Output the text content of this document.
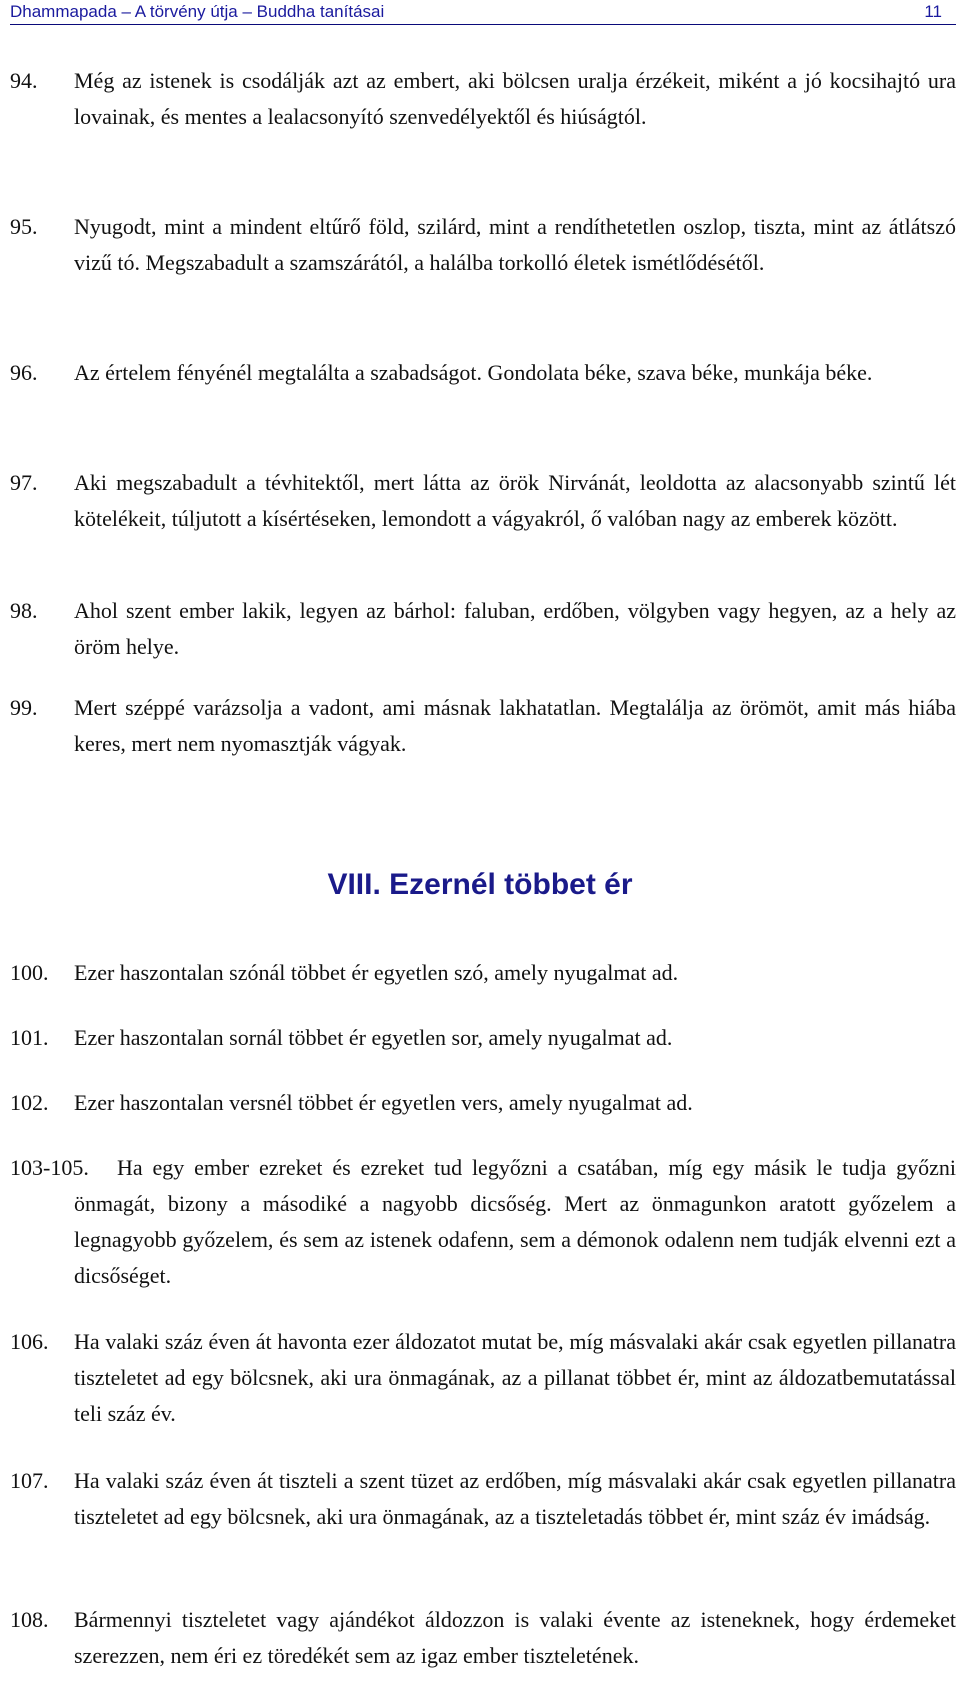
Dhammapada – A törvény útja – Buddha tanításai	11
94. Még az istenek is csodálják azt az embert, aki bölcsen uralja érzékeit, miként a jó kocsihajtó ura lovainak, és mentes a lealacsonyító szenvedélyektől és hiúságtól.
95. Nyugodt, mint a mindent eltűrő föld, szilárd, mint a rendíthetetlen oszlop, tiszta, mint az átlátszó vizű tó. Megszabadult a szamszárától, a halálba torkolló életek ismétlődésétől.
96. Az értelem fényénél megtalálta a szabadságot. Gondolata béke, szava béke, munkája béke.
97. Aki megszabadult a tévhitektől, mert látta az örök Nirvánát, leoldotta az alacsonyabb szintű lét kötelékeit, túljutott a kísértéseken, lemondott a vágyakról, ő valóban nagy az emberek között.
98. Ahol szent ember lakik, legyen az bárhol: faluban, erdőben, völgyben vagy hegyen, az a hely az öröm helye.
99. Mert széppé varázsolja a vadont, ami másnak lakhatatlan. Megtalálja az örömöt, amit más hiába keres, mert nem nyomasztják vágyak.
VIII. Ezernél többet ér
100. Ezer haszontalan szónál többet ér egyetlen szó, amely nyugalmat ad.
101. Ezer haszontalan sornál többet ér egyetlen sor, amely nyugalmat ad.
102. Ezer haszontalan versnél többet ér egyetlen vers, amely nyugalmat ad.
103-105.	Ha egy ember ezreket és ezreket tud legyőzni a csatában, míg egy másik le tudja győzni önmagát, bizony a másodiké a nagyobb dicsőség. Mert az önmagunkon aratott győzelem a legnagyobb győzelem, és sem az istenek odafenn, sem a démonok odalenn nem tudják elvenni ezt a dicsőséget.
106. Ha valaki száz éven át havonta ezer áldozatot mutat be, míg másvalaki akár csak egyetlen pillanatra tiszteletet ad egy bölcsnek, aki ura önmagának, az a pillanat többet ér, mint az áldozatbemutatással teli száz év.
107. Ha valaki száz éven át tiszteli a szent tüzet az erdőben, míg másvalaki akár csak egyetlen pillanatra tiszteletet ad egy bölcsnek, aki ura önmagának, az a tiszteletadás többet ér, mint száz év imádság.
108. Bármennyi tiszteletet vagy ajándékot áldozzon is valaki évente az isteneknek, hogy érdemeket szerezzen, nem éri ez töredékét sem az igaz ember tiszteletének.
